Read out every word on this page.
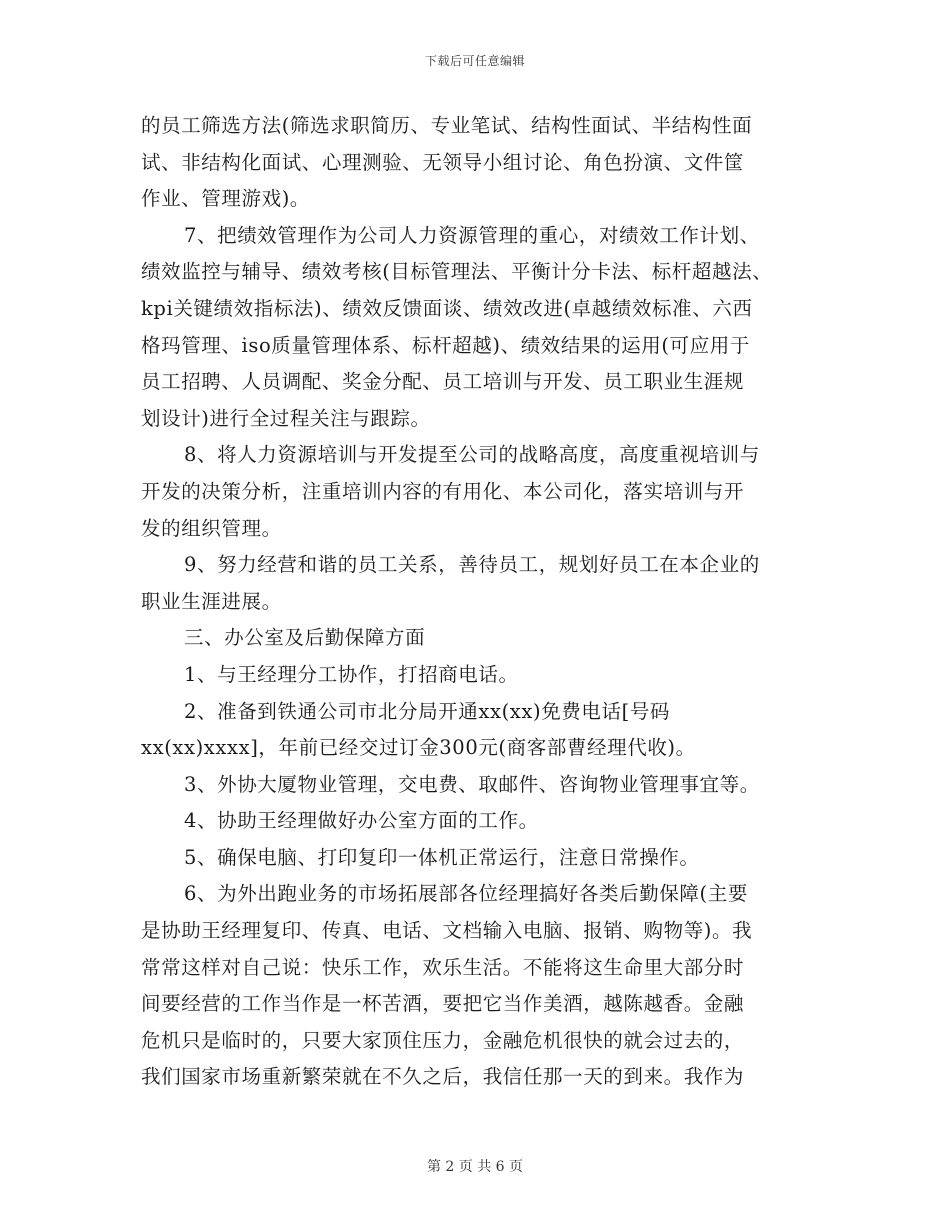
下载后可任意编辑
的员工筛选方法(筛选求职简历、专业笔试、结构性面试、半结构性面
试、非结构化面试、心理测验、无领导小组讨论、角色扮演、文件筐
作业、管理游戏)。
7、把绩效管理作为公司人力资源管理的重心，对绩效工作计划、
绩效监控与辅导、绩效考核(目标管理法、平衡计分卡法、标杆超越法、
kpi关键绩效指标法)、绩效反馈面谈、绩效改进(卓越绩效标准、六西
格玛管理、iso质量管理体系、标杆超越)、绩效结果的运用(可应用于
员工招聘、人员调配、奖金分配、员工培训与开发、员工职业生涯规
划设计)进行全过程关注与跟踪。
8、将人力资源培训与开发提至公司的战略高度，高度重视培训与
开发的决策分析，注重培训内容的有用化、本公司化，落实培训与开
发的组织管理。
9、努力经营和谐的员工关系，善待员工，规划好员工在本企业的
职业生涯进展。
三、办公室及后勤保障方面
1、与王经理分工协作，打招商电话。
2、准备到铁通公司市北分局开通xx(xx)免费电话[号码
xx(xx)xxxx]，年前已经交过订金300元(商客部曹经理代收)。
3、外协大厦物业管理，交电费、取邮件、咨询物业管理事宜等。
4、协助王经理做好办公室方面的工作。
5、确保电脑、打印复印一体机正常运行，注意日常操作。
6、为外出跑业务的市场拓展部各位经理搞好各类后勤保障(主要
是协助王经理复印、传真、电话、文档输入电脑、报销、购物等)。我
常常这样对自己说：快乐工作，欢乐生活。不能将这生命里大部分时
间要经营的工作当作是一杯苦酒，要把它当作美酒，越陈越香。金融
危机只是临时的，只要大家顶住压力，金融危机很快的就会过去的，
我们国家市场重新繁荣就在不久之后，我信任那一天的到来。我作为
第 2 页 共 6 页
